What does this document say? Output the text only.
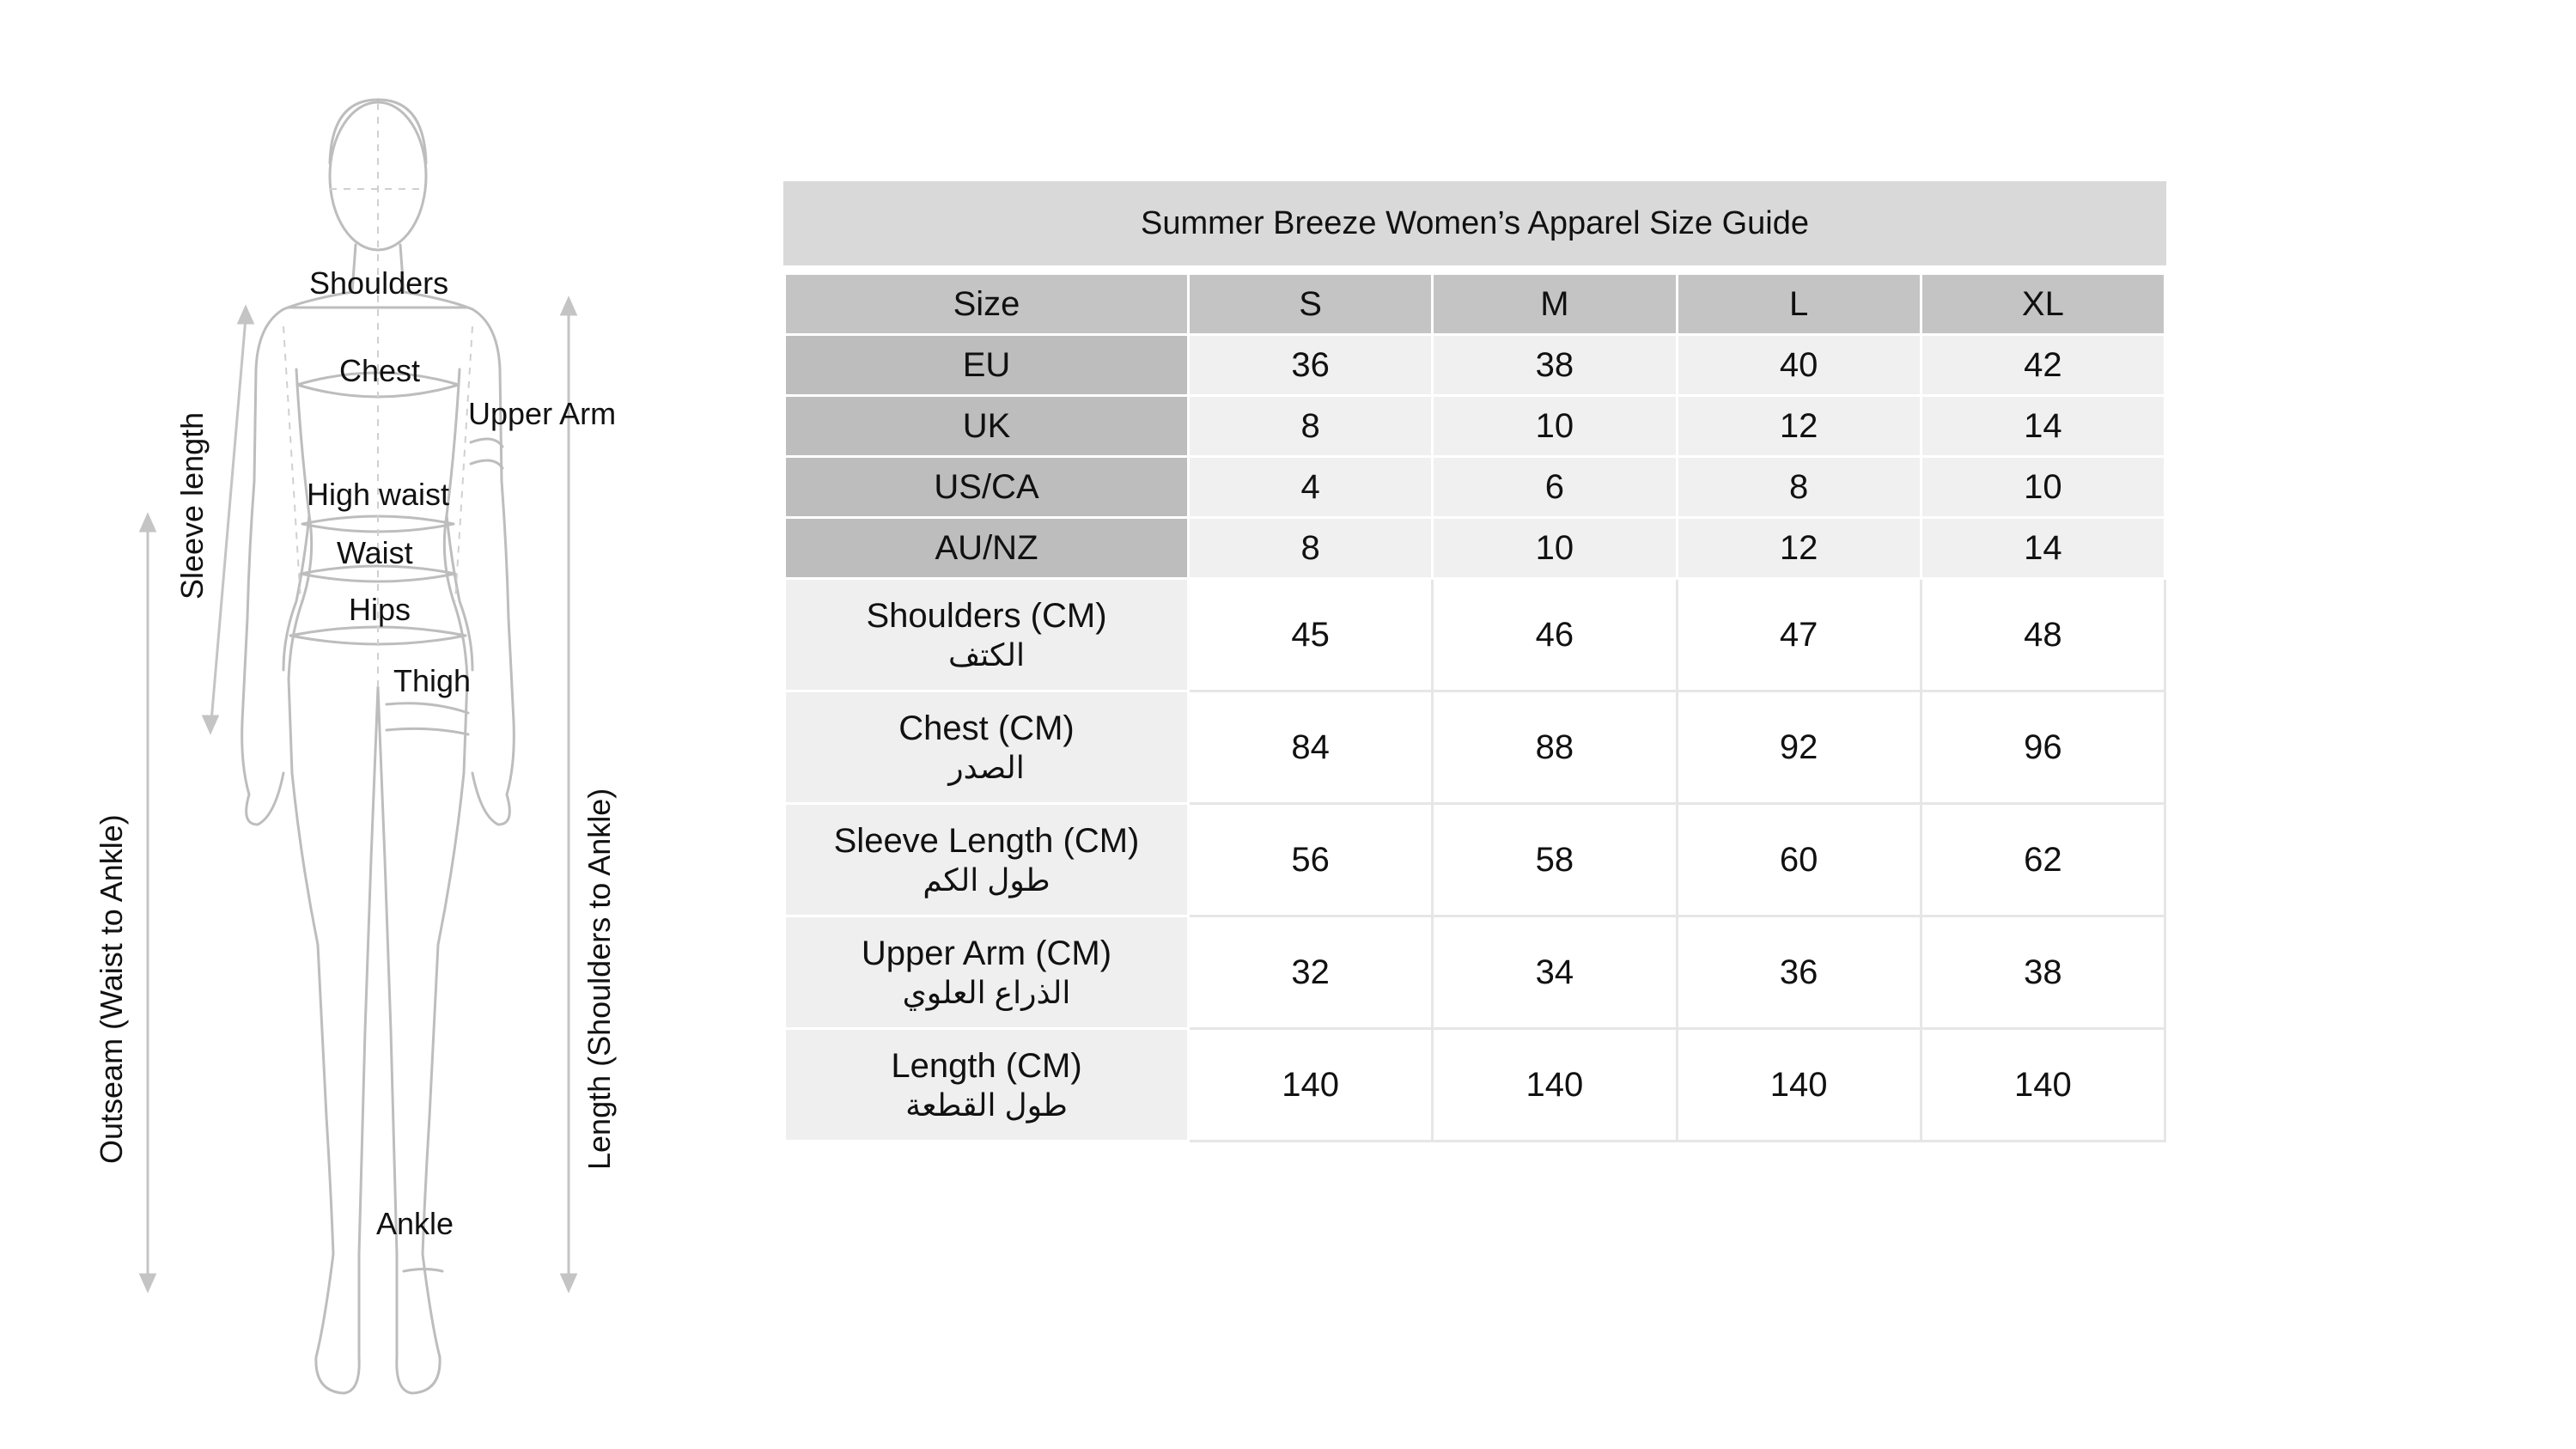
Shoulders
Chest
Upper Arm
High waist
Waist
Hips
Thigh
Ankle
Sleeve length
Outseam (Waist to Ankle)	Length (Shoulders to Ankle)
Summer Breeze Women’s Apparel Size Guide
Size	S	M	L	XL
EU	36	38	40	42
UK	8	10	12	14
US/CA	4	6	8	10
AU/NZ	8	10	12	14

Shoulders (CM)
الكتف	45	46	47	48

Chest (CM)
الصدر	84	88	92	96

Sleeve Length (CM)
طول الكم	56	58	60	62

Upper Arm (CM)
الذراع العلوي	32	34	36	38

Length (CM)
طول القطعة	140	140	140	140
